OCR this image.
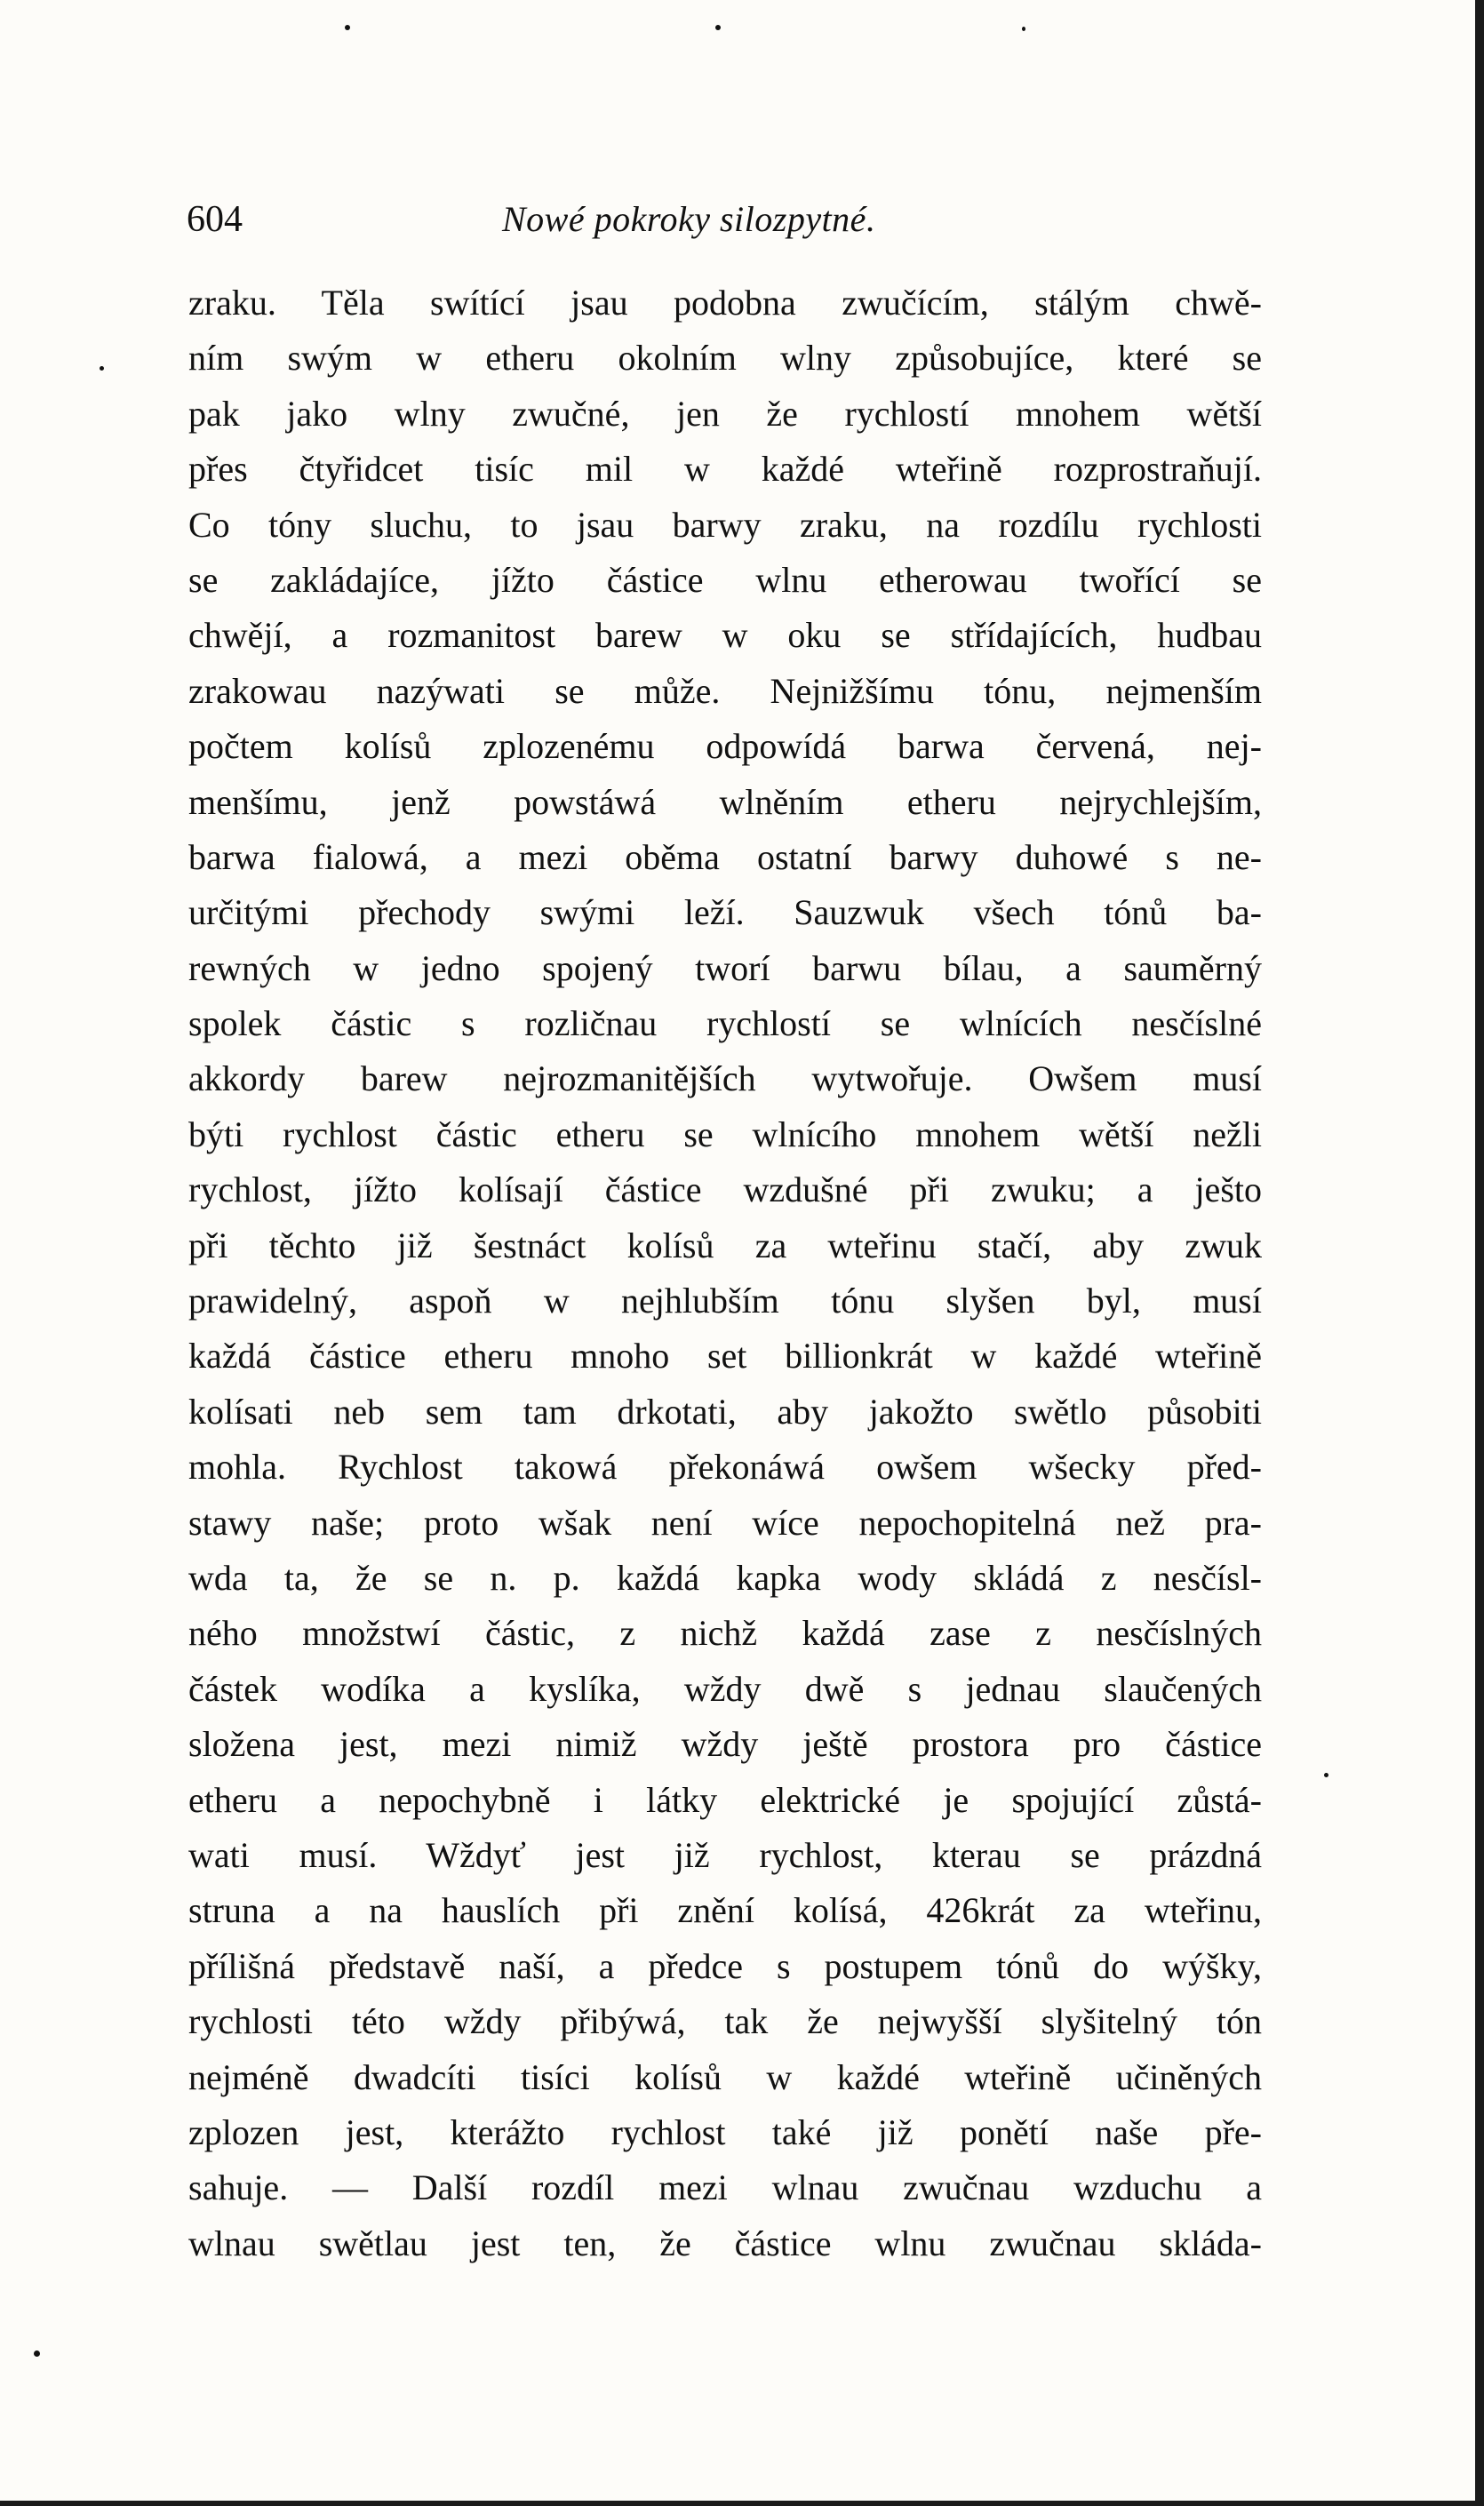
604	Nowé pokroky silozpytné.
zraku. Těla swítící jsau podobna zwučícím, stálým chwě-
ním swým w etheru okolním wlny způsobujíce, které se
pak jako wlny zwučné, jen že rychlostí mnohem wětší
přes čtyřidcet tisíc mil w každé wteřině rozprostraňují.
Co tóny sluchu, to jsau barwy zraku, na rozdílu rychlosti
se zakládajíce, jížto částice wlnu etherowau twořící se
chwějí, a rozmanitost barew w oku se střídajících, hudbau
zrakowau nazýwati se může. Nejnižšímu tónu, nejmenším
počtem kolísů zplozenému odpowídá barwa červená, nej-
menšímu, jenž powstáwá wlněním etheru nejrychlejším,
barwa fialowá, a mezi oběma ostatní barwy duhowé s ne-
určitými přechody swými leží. Sauzwuk všech tónů ba-
rewných w jedno spojený tworí barwu bílau, a sauměrný
spolek částic s rozličnau rychlostí se wlnících nesčíslné
akkordy barew nejrozmanitějších wytwořuje. Owšem musí
býti rychlost částic etheru se wlnícího mnohem wětší nežli
rychlost, jížto kolísají částice wzdušné při zwuku; a ješto
při těchto již šestnáct kolísů za wteřinu stačí, aby zwuk
prawidelný, aspoň w nejhlubším tónu slyšen byl, musí
každá částice etheru mnoho set billionkrát w každé wteřině
kolísati neb sem tam drkotati, aby jakožto swětlo působiti
mohla. Rychlost takowá překonáwá owšem wšecky před-
stawy naše; proto wšak není wíce nepochopitelná než pra-
wda ta, že se n. p. každá kapka wody skládá z nesčísl-
ného množstwí částic, z nichž každá zase z nesčíslných
částek wodíka a kyslíka, wždy dwě s jednau slaučených
složena jest, mezi nimiž wždy ještě prostora pro částice
etheru a nepochybně i látky elektrické je spojující zůstá-
wati musí. Wždyť jest již rychlost, kterau se prázdná
struna a na hauslích při znění kolísá, 426krát za wteřinu,
přílišná představě naší, a předce s postupem tónů do wýšky,
rychlosti této wždy přibýwá, tak že nejwyšší slyšitelný tón
nejméně dwadcíti tisíci kolísů w každé wteřině učiněných
zplozen jest, kterážto rychlost také již ponětí naše pře-
sahuje. — Další rozdíl mezi wlnau zwučnau wzduchu a
wlnau swětlau jest ten, že částice wlnu zwučnau skláda-
